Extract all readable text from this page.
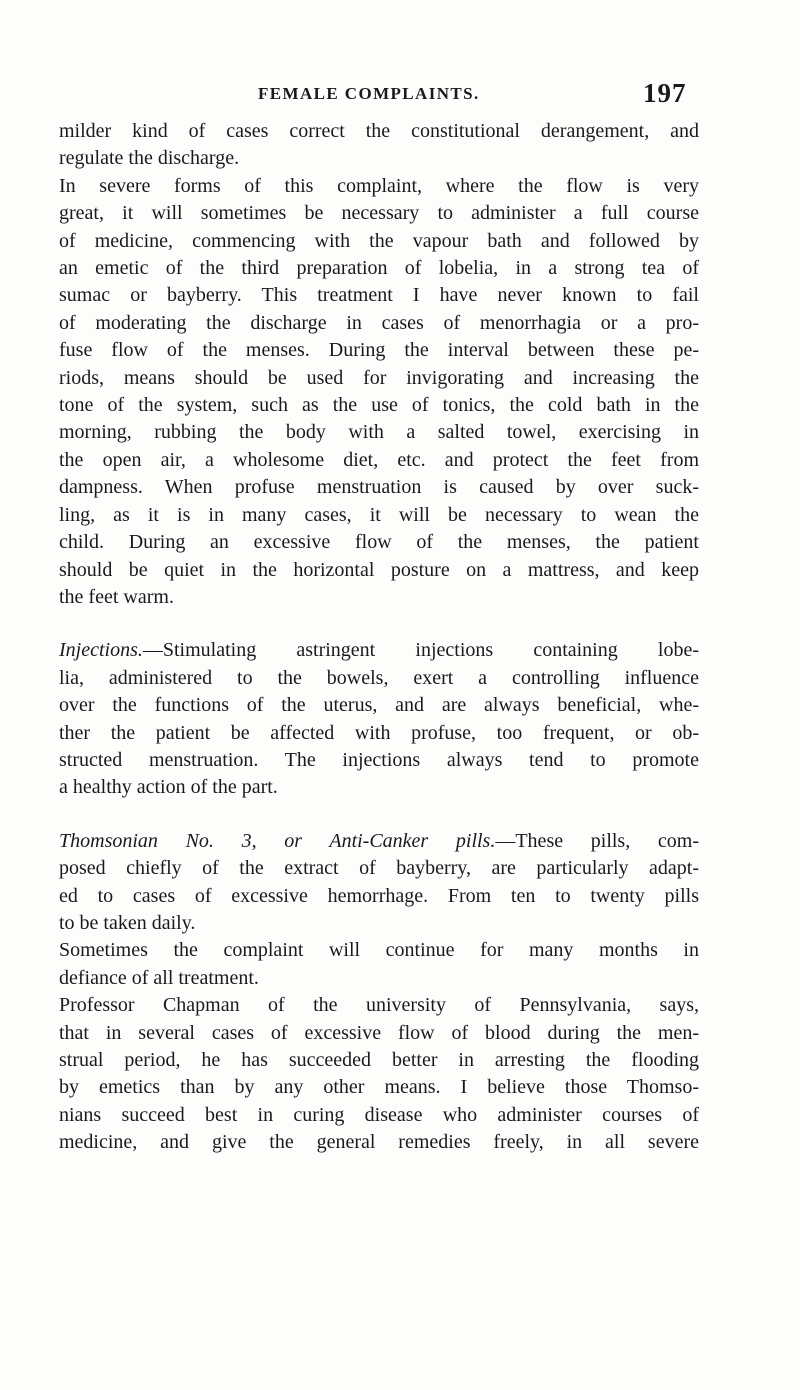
FEMALE COMPLAINTS.	197

milder kind of cases correct the constitutional derangement, and
regulate the discharge.

In severe forms of this complaint, where the flow is very
great, it will sometimes be necessary to administer a full course
of medicine, commencing with the vapour bath and followed by
an emetic of the third preparation of lobelia, in a strong tea of
sumac or bayberry. This treatment I have never known to fail
of moderating the discharge in cases of menorrhagia or a pro-
fuse flow of the menses. During the interval between these pe-
riods, means should be used for invigorating and increasing the
tone of the system, such as the use of tonics, the cold bath in the
morning, rubbing the body with a salted towel, exercising in
the open air, a wholesome diet, etc. and protect the feet from
dampness. When profuse menstruation is caused by over suck-
ling, as it is in many cases, it will be necessary to wean the
child. During an excessive flow of the menses, the patient
should be quiet in the horizontal posture on a mattress, and keep
the feet warm.

Injections.—Stimulating astringent injections containing lobe-
lia, administered to the bowels, exert a controlling influence
over the functions of the uterus, and are always beneficial, whe-
ther the patient be affected with profuse, too frequent, or ob-
structed menstruation. The injections always tend to promote
a healthy action of the part.

Thomsonian No. 3, or Anti-Canker pills.—These pills, com-
posed chiefly of the extract of bayberry, are particularly adapt-
ed to cases of excessive hemorrhage. From ten to twenty pills
to be taken daily.

Sometimes the complaint will continue for many months in
defiance of all treatment.

Professor Chapman of the university of Pennsylvania, says,
that in several cases of excessive flow of blood during the men-
strual period, he has succeeded better in arresting the flooding
by emetics than by any other means. I believe those Thomso-
nians succeed best in curing disease who administer courses of
medicine, and give the general remedies freely, in all severe
